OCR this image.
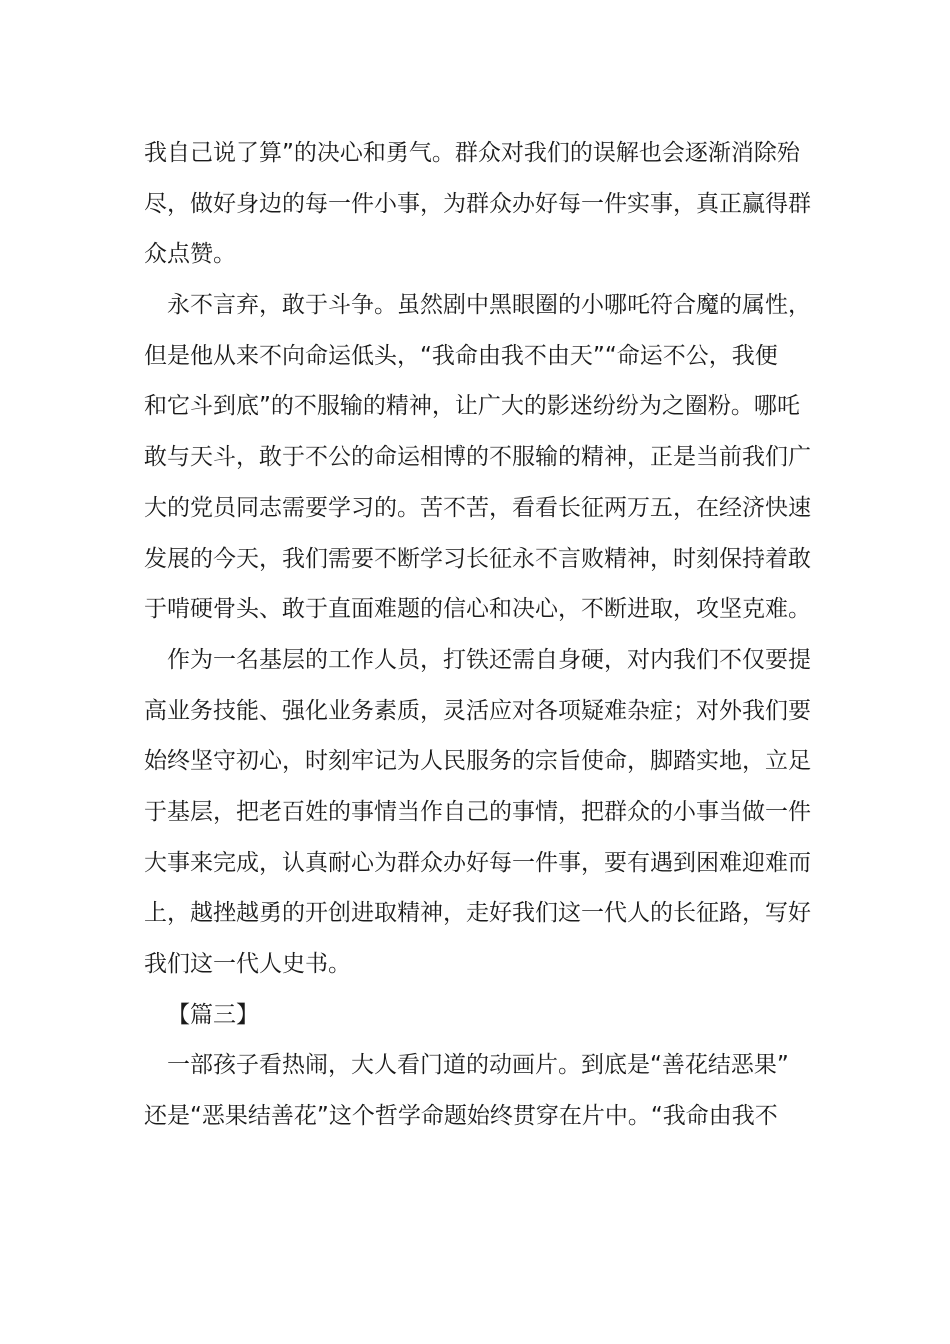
我自己说了算”的决心和勇气。群众对我们的误解也会逐渐消除殆

尽，做好身边的每一件小事，为群众办好每一件实事，真正赢得群

众点赞。

　永不言弃，敢于斗争。虽然剧中黑眼圈的小哪吒符合魔的属性，

但是他从来不向命运低头，“我命由我不由天”“命运不公，我便

和它斗到底”的不服输的精神，让广大的影迷纷纷为之圈粉。哪吒

敢与天斗，敢于不公的命运相博的不服输的精神，正是当前我们广

大的党员同志需要学习的。苦不苦，看看长征两万五，在经济快速

发展的今天，我们需要不断学习长征永不言败精神，时刻保持着敢

于啃硬骨头、敢于直面难题的信心和决心，不断进取，攻坚克难。

　作为一名基层的工作人员，打铁还需自身硬，对内我们不仅要提

高业务技能、强化业务素质，灵活应对各项疑难杂症；对外我们要

始终坚守初心，时刻牢记为人民服务的宗旨使命，脚踏实地，立足

于基层，把老百姓的事情当作自己的事情，把群众的小事当做一件

大事来完成，认真耐心为群众办好每一件事，要有遇到困难迎难而

上，越挫越勇的开创进取精神，走好我们这一代人的长征路，写好

我们这一代人史书。

【篇三】

　一部孩子看热闹，大人看门道的动画片。到底是“善花结恶果”

还是“恶果结善花”这个哲学命题始终贯穿在片中。“我命由我不
